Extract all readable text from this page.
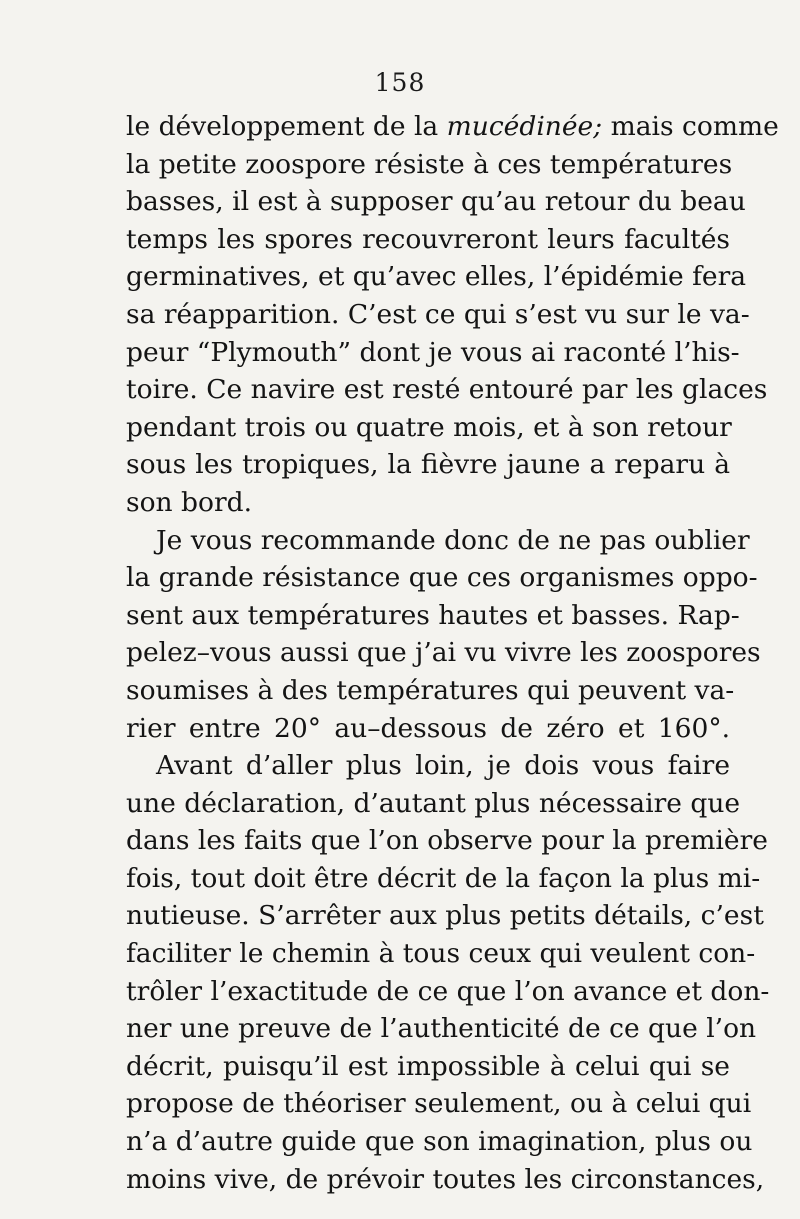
158
le développement de la mucédinée; mais comme
la petite zoospore résiste à ces températures
basses, il est à supposer qu’au retour du beau
temps les spores recouvreront leurs facultés
germinatives, et qu’avec elles, l’épidémie fera
sa réapparition. C’est ce qui s’est vu sur le va-
peur “Plymouth” dont je vous ai raconté l’his-
toire. Ce navire est resté entouré par les glaces
pendant trois ou quatre mois, et à son retour
sous les tropiques, la fièvre jaune a reparu à
son bord.
Je vous recommande donc de ne pas oublier
la grande résistance que ces organismes oppo-
sent aux températures hautes et basses. Rap-
pelez–vous aussi que j’ai vu vivre les zoospores
soumises à des températures qui peuvent va-
rier entre 20° au–dessous de zéro et 160°.
Avant d’aller plus loin, je dois vous faire
une déclaration, d’autant plus nécessaire que
dans les faits que l’on observe pour la première
fois, tout doit être décrit de la façon la plus mi-
nutieuse. S’arrêter aux plus petits détails, c’est
faciliter le chemin à tous ceux qui veulent con-
trôler l’exactitude de ce que l’on avance et don-
ner une preuve de l’authenticité de ce que l’on
décrit, puisqu’il est impossible à celui qui se
propose de théoriser seulement, ou à celui qui
n’a d’autre guide que son imagination, plus ou
moins vive, de prévoir toutes les circonstances,
